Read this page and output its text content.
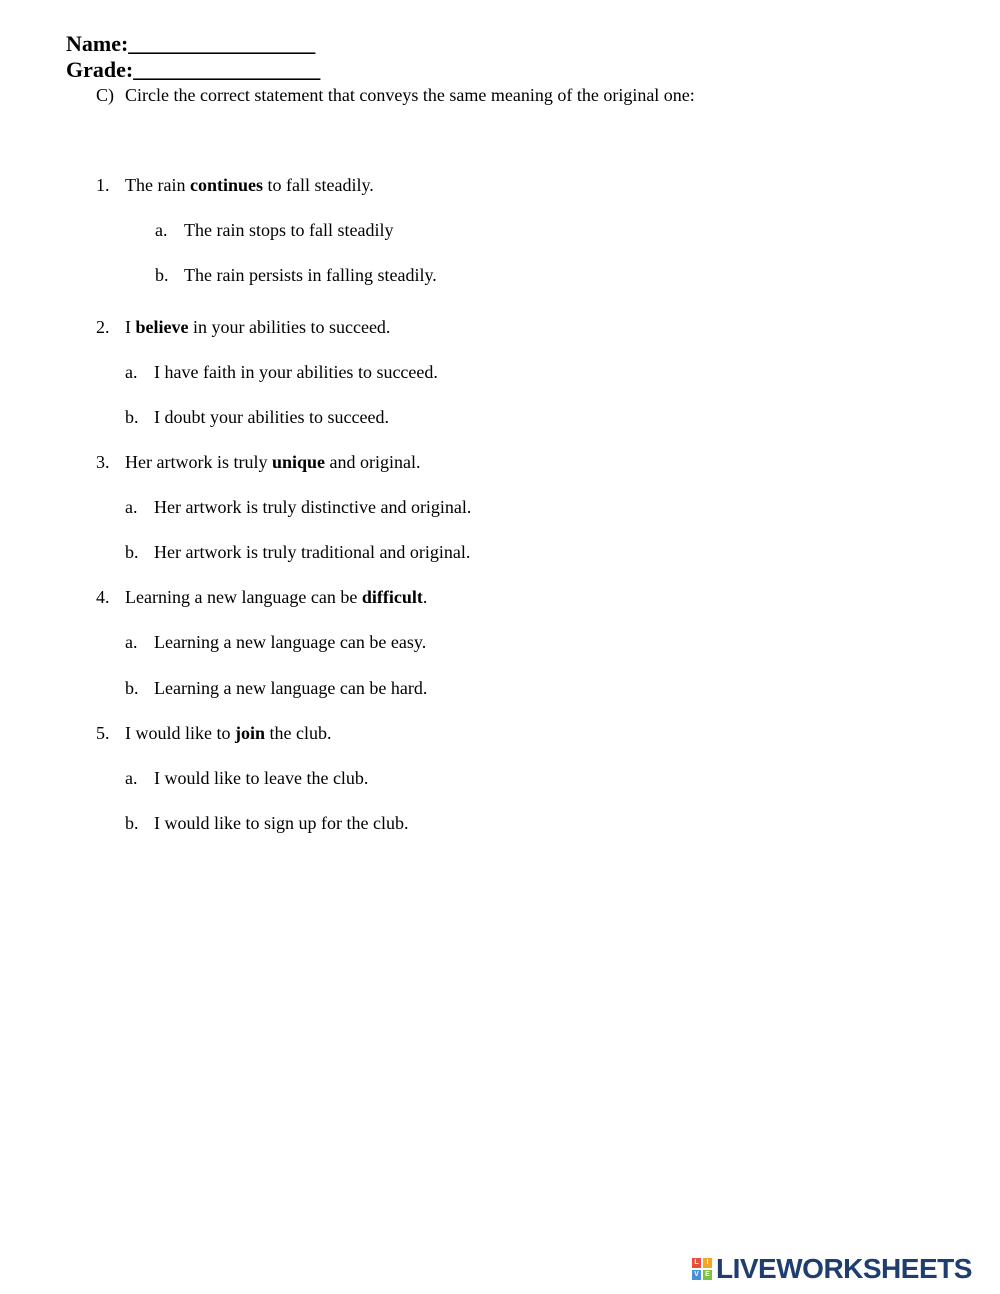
Name:_________________
Grade:_________________
C) Circle the correct statement that conveys the same meaning of the original one:
1. The rain continues to fall steadily.
a. The rain stops to fall steadily
b. The rain persists in falling steadily.
2. I believe in your abilities to succeed.
a. I have faith in your abilities to succeed.
b. I doubt your abilities to succeed.
3. Her artwork is truly unique and original.
a. Her artwork is truly distinctive and original.
b. Her artwork is truly traditional and original.
4. Learning a new language can be difficult.
a. Learning a new language can be easy.
b. Learning a new language can be hard.
5. I would like to join the club.
a. I would like to leave the club.
b. I would like to sign up for the club.
L	I
V E LIVEWORKSHEETS
